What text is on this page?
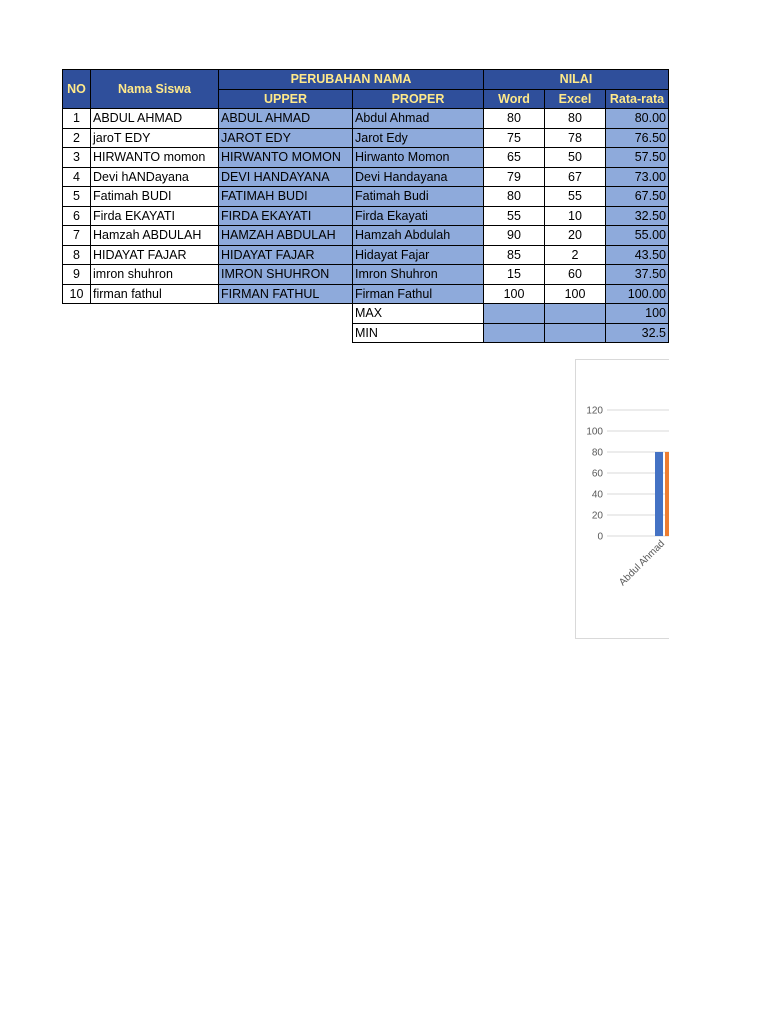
NO	Nama Siswa	PERUBAHAN NAMA		NILAI		
		UPPER	PROPER	Word	Excel	Rata-rata
1	ABDUL AHMAD	ABDUL AHMAD	Abdul Ahmad	80	80	80.00
2	jaroT EDY	JAROT EDY	Jarot Edy	75	78	76.50
3	HIRWANTO momon	HIRWANTO MOMON	Hirwanto Momon	65	50	57.50
4	Devi hANDayana	DEVI HANDAYANA	Devi Handayana	79	67	73.00
5	Fatimah BUDI	FATIMAH BUDI	Fatimah Budi	80	55	67.50
6	Firda EKAYATI	FIRDA EKAYATI	Firda Ekayati	55	10	32.50
7	Hamzah ABDULAH	HAMZAH ABDULAH	Hamzah Abdulah	90	20	55.00
8	HIDAYAT FAJAR	HIDAYAT FAJAR	Hidayat Fajar	85	2	43.50
9	imron shuhron	IMRON SHUHRON	Imron Shuhron	15	60	37.50
10	firman fathul	FIRMAN FATHUL	Firman Fathul	100	100	100.00
			MAX			100
			MIN			32.5
120
100
80
60
40
20
0
Abdul Ahmad
